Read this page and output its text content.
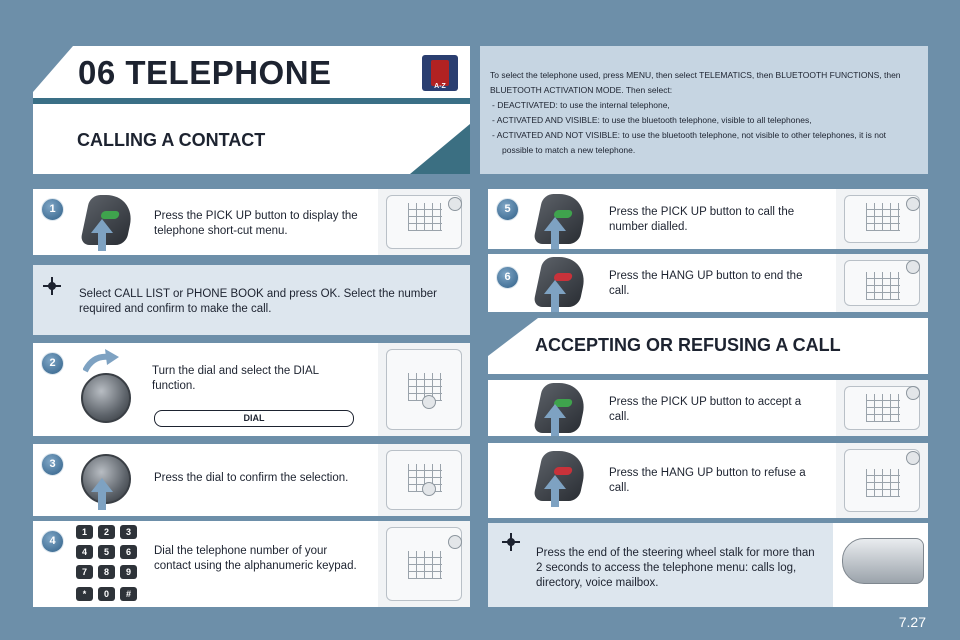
06 TELEPHONE	A-Z
CALLING A CONTACT

To select the telephone used, press MENU, then select TELEMATICS, then BLUETOOTH FUNCTIONS, then BLUETOOTH ACTIVATION MODE. Then select:

- DEACTIVATED: to use the internal telephone,
- ACTIVATED AND VISIBLE: to use the bluetooth telephone, visible to all telephones,
- ACTIVATED AND NOT VISIBLE: to use the bluetooth telephone, not visible to other telephones, it is not possible to match a new telephone.
1
Press the PICK UP button to display the telephone short-cut menu.
Select CALL LIST or PHONE BOOK and press OK. Select the number required and confirm to make the call.
2
Turn the dial and select the DIAL function.
DIAL
3
Press the dial to confirm the selection.
4
Dial the telephone number of your contact using the alphanumeric keypad.
1	2	3
4	5	6
7	8	9
*	0	#
5	Press the PICK UP button to call the number dialled.
6	Press the HANG UP button to end the call.
ACCEPTING OR REFUSING A CALL
Press the PICK UP button to accept a call.
Press the HANG UP button to refuse a call.
Press the end of the steering wheel stalk for more than 2 seconds to access the telephone menu: calls log, directory, voice mailbox.
7.27
